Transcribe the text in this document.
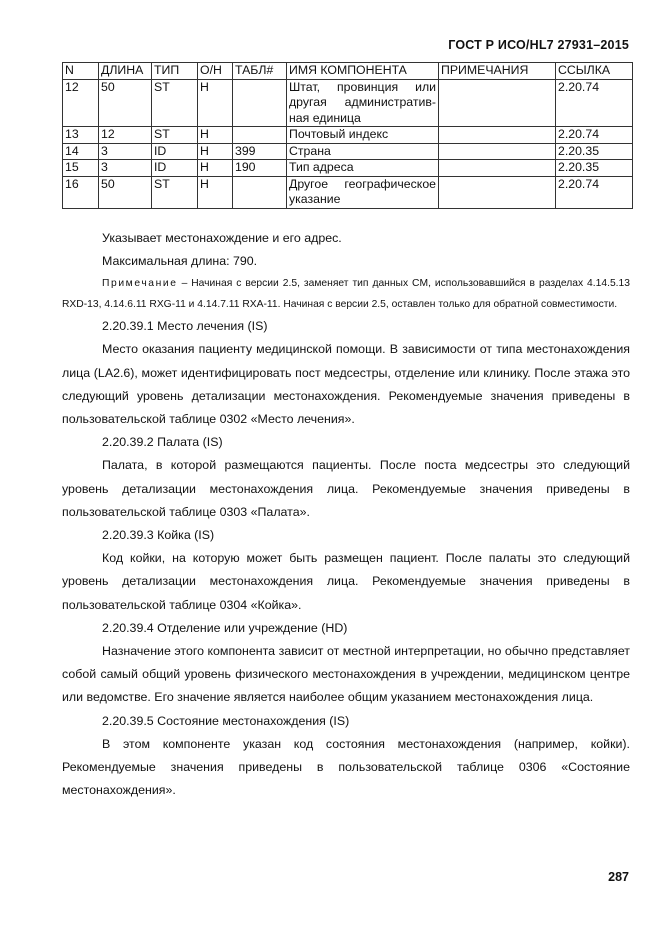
ГОСТ Р ИСО/HL7 27931–2015
N	ДЛИНА	ТИП	О/Н	ТАБЛ#	ИМЯ КОМПОНЕНТА	ПРИМЕЧАНИЯ	ССЫЛКА
12	50	ST	H		Штат, провинция или другая административ-ная единица		2.20.74
13	12	ST	H		Почтовый индекс		2.20.74
14	3	ID	H	399	Страна		2.20.35
15	3	ID	H	190	Тип адреса		2.20.35
16	50	ST	H		Другое географическое указание		2.20.74

Указывает местонахождение и его адрес.

Максимальная длина: 790.

Примечание – Начиная с версии 2.5, заменяет тип данных CM, использовавшийся в разделах 4.14.5.13 RXD-13, 4.14.6.11 RXG-11 и 4.14.7.11 RXA-11. Начиная с версии 2.5, оставлен только для обратной совместимости.

2.20.39.1 Место лечения (IS)

Место оказания пациенту медицинской помощи. В зависимости от типа местонахождения лица (LA2.6), может идентифицировать пост медсестры, отделение или клинику. После этажа это следующий уровень детализации местонахождения. Рекомендуемые значения приведены в пользовательской таблице 0302 «Место лечения».

2.20.39.2 Палата (IS)

Палата, в которой размещаются пациенты. После поста медсестры это следующий уровень детализации местонахождения лица. Рекомендуемые значения приведены в пользовательской таблице 0303 «Палата».

2.20.39.3 Койка (IS)

Код койки, на которую может быть размещен пациент. После палаты это следующий уровень детализации местонахождения лица. Рекомендуемые значения приведены в пользовательской таблице 0304 «Койка».

2.20.39.4 Отделение или учреждение (HD)

Назначение этого компонента зависит от местной интерпретации, но обычно представляет собой самый общий уровень физического местонахождения в учреждении, медицинском центре или ведомстве. Его значение является наиболее общим указанием местонахождения лица.

2.20.39.5 Состояние местонахождения (IS)

В этом компоненте указан код состояния местонахождения (например, койки). Рекомендуемые значения приведены в пользовательской таблице 0306 «Состояние местонахождения».

287
